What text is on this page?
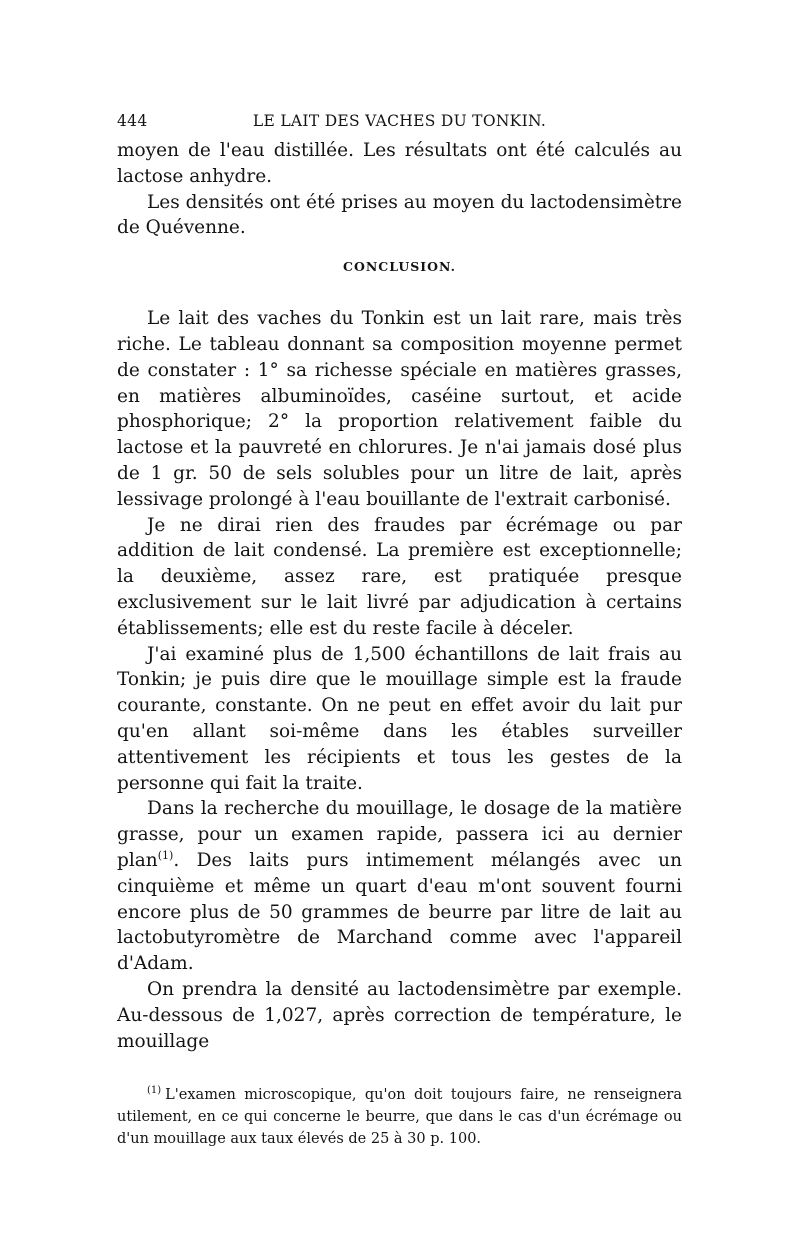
444	LE LAIT DES VACHES DU TONKIN.

moyen de l'eau distillée. Les résultats ont été calculés au lactose anhydre.

Les densités ont été prises au moyen du lactodensimètre de Quévenne.

CONCLUSION.

Le lait des vaches du Tonkin est un lait rare, mais très riche. Le tableau donnant sa composition moyenne permet de constater : 1° sa richesse spéciale en matières grasses, en matières albuminoïdes, caséine surtout, et acide phosphorique; 2° la proportion relativement faible du lactose et la pauvreté en chlorures. Je n'ai jamais dosé plus de 1 gr. 50 de sels solubles pour un litre de lait, après lessivage prolongé à l'eau bouillante de l'extrait carbonisé.

Je ne dirai rien des fraudes par écrémage ou par addition de lait condensé. La première est exceptionnelle; la deuxième, assez rare, est pratiquée presque exclusivement sur le lait livré par adjudication à certains établissements; elle est du reste facile à déceler.

J'ai examiné plus de 1,500 échantillons de lait frais au Tonkin; je puis dire que le mouillage simple est la fraude courante, constante. On ne peut en effet avoir du lait pur qu'en allant soi-même dans les étables surveiller attentivement les récipients et tous les gestes de la personne qui fait la traite.

Dans la recherche du mouillage, le dosage de la matière grasse, pour un examen rapide, passera ici au dernier plan$^{(1)}$. Des laits purs intimement mélangés avec un cinquième et même un quart d'eau m'ont souvent fourni encore plus de 50 grammes de beurre par litre de lait au lactobutyromètre de Marchand comme avec l'appareil d'Adam.

On prendra la densité au lactodensimètre par exemple. Au-dessous de 1,027, après correction de température, le mouillage

$^{(1)}$ L'examen microscopique, qu'on doit toujours faire, ne renseignera utilement, en ce qui concerne le beurre, que dans le cas d'un écrémage ou d'un mouillage aux taux élevés de 25 à 30 p. 100.
